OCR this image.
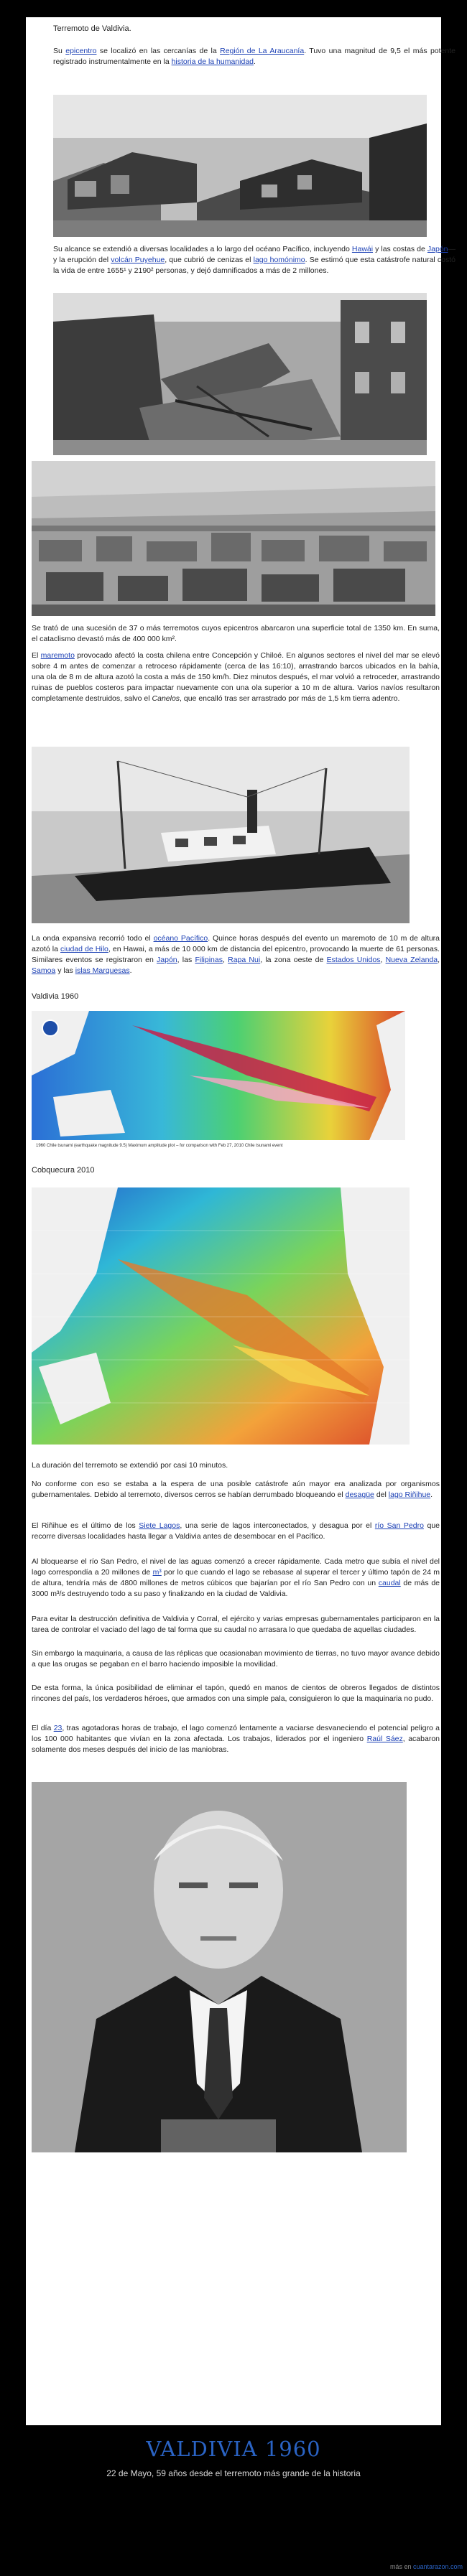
Terremoto de Valdivia.

Su epicentro se localizó en las cercanías de la Región de La Araucanía. Tuvo una magnitud de 9,5 el más potente registrado instrumentalmente en la historia de la humanidad.

Su alcance se extendió a diversas localidades a lo largo del océano Pacífico, incluyendo Hawái y las costas de Japón— y la erupción del volcán Puyehue, que cubrió de cenizas el lago homónimo. Se estimó que esta catástrofe natural costó la vida de entre 1655¹ y 2190² personas, y dejó damnificados a más de 2 millones.

Se trató de una sucesión de 37 o más terremotos cuyos epicentros abarcaron una superficie total de 1350 km. En suma, el cataclismo devastó más de 400 000 km².

El maremoto provocado afectó la costa chilena entre Concepción y Chiloé. En algunos sectores el nivel del mar se elevó sobre 4 m antes de comenzar a retroceso rápidamente (cerca de las 16:10), arrastrando barcos ubicados en la bahía, una ola de 8 m de altura azotó la costa a más de 150 km/h. Diez minutos después, el mar volvió a retroceder, arrastrando ruinas de pueblos costeros para impactar nuevamente con una ola superior a 10 m de altura. Varios navíos resultaron completamente destruidos, salvo el Canelos, que encalló tras ser arrastrado por más de 1,5 km tierra adentro.

La onda expansiva recorrió todo el océano Pacífico. Quince horas después del evento un maremoto de 10 m de altura azotó la ciudad de Hilo, en Hawai, a más de 10 000 km de distancia del epicentro, provocando la muerte de 61 personas. Similares eventos se registraron en Japón, las Filipinas, Rapa Nui, la zona oeste de Estados Unidos, Nueva Zelanda, Samoa y las islas Marquesas.

Valdivia 1960

1960 Chile tsunami (earthquake magnitude 9.5) Maximum amplitude plot – for comparison with Feb 27, 2010 Chile tsunami event

Cobquecura 2010

La duración del terremoto se extendió por casi 10 minutos.

No conforme con eso se estaba a la espera de una posible catástrofe aún mayor era analizada por organismos gubernamentales. Debido al terremoto, diversos cerros se habían derrumbado bloqueando el desagüe del lago Riñihue.

El Riñihue es el último de los Siete Lagos, una serie de lagos interconectados, y desagua por el río San Pedro que recorre diversas localidades hasta llegar a Valdivia antes de desembocar en el Pacífico.

Al bloquearse el río San Pedro, el nivel de las aguas comenzó a crecer rápidamente. Cada metro que subía el nivel del lago correspondía a 20 millones de m³ por lo que cuando el lago se rebasase al superar el tercer y último tapón de 24 m de altura, tendría más de 4800 millones de metros cúbicos que bajarían por el río San Pedro con un caudal de más de 3000 m³/s destruyendo todo a su paso y finalizando en la ciudad de Valdivia.

Para evitar la destrucción definitiva de Valdivia y Corral, el ejército y varias empresas gubernamentales participaron en la tarea de controlar el vaciado del lago de tal forma que su caudal no arrasara lo que quedaba de aquellas ciudades.

Sin embargo la maquinaria, a causa de las réplicas que ocasionaban movimiento de tierras, no tuvo mayor avance debido a que las orugas se pegaban en el barro haciendo imposible la movilidad.

De esta forma, la única posibilidad de eliminar el tapón, quedó en manos de cientos de obreros llegados de distintos rincones del país, los verdaderos héroes, que armados con una simple pala, consiguieron lo que la maquinaria no pudo.

El día 23, tras agotadoras horas de trabajo, el lago comenzó lentamente a vaciarse desvaneciendo el potencial peligro a los 100 000 habitantes que vivían en la zona afectada. Los trabajos, liderados por el ingeniero Raúl Sáez, acabaron solamente dos meses después del inicio de las maniobras.

VALDIVIA 1960
22 de Mayo, 59 años desde el terremoto más grande de la historia
más en cuantarazon.com
